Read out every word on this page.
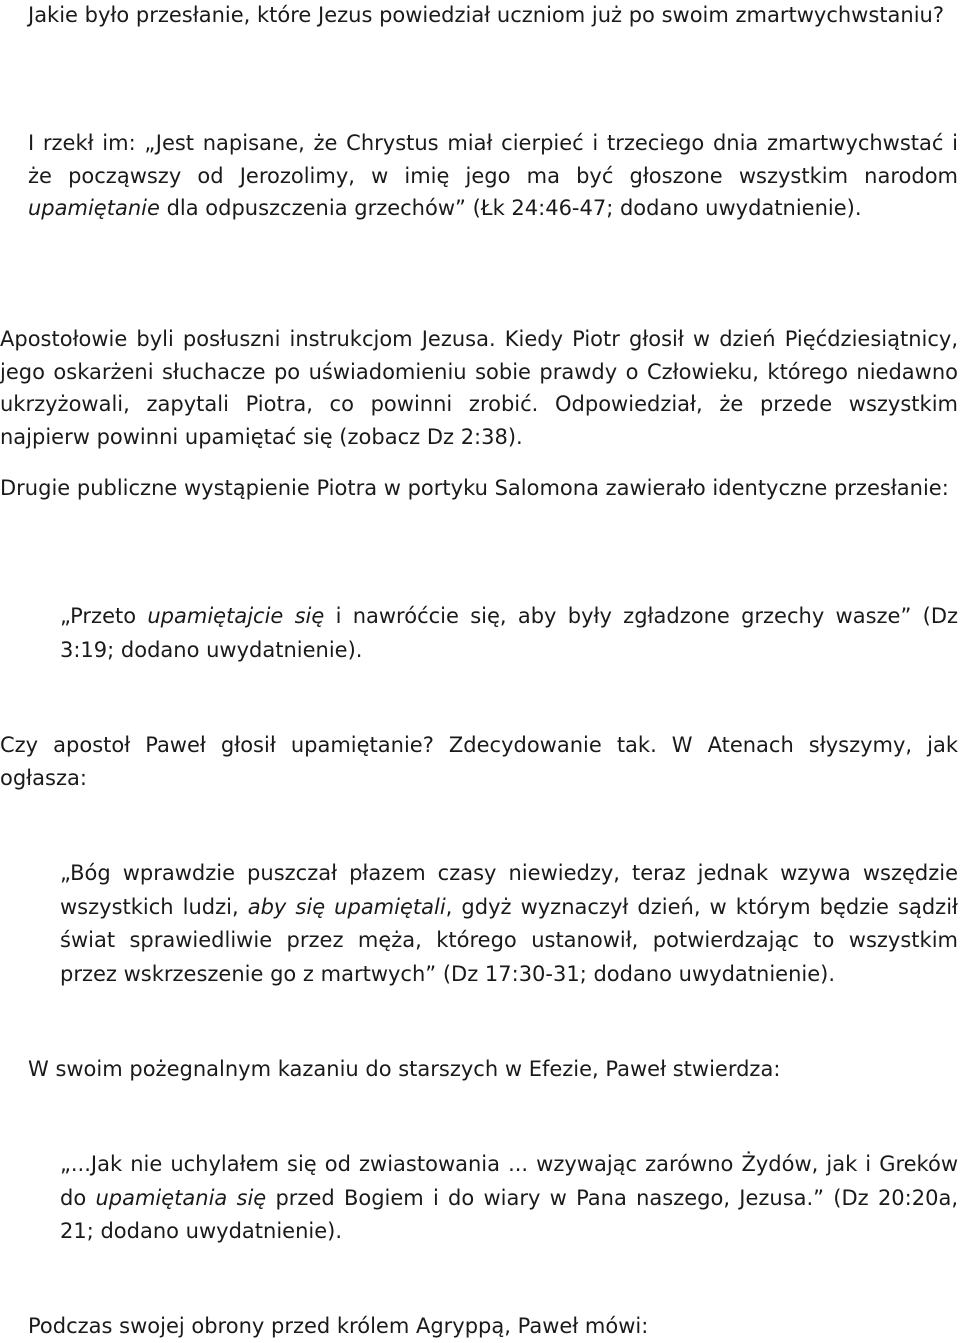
Jakie było przesłanie, które Jezus powiedział uczniom już po swoim zmartwychwstaniu?

I rzekł im: „Jest napisane, że Chrystus miał cierpieć i trzeciego dnia zmartwychwstać i że począwszy od Jerozolimy, w imię jego ma być głoszone wszystkim narodom upamiętanie dla odpuszczenia grzechów” (Łk 24:46-47; dodano uwydatnienie).

Apostołowie byli posłuszni instrukcjom Jezusa. Kiedy Piotr głosił w dzień Pięćdziesiątnicy, jego oskarżeni słuchacze po uświadomieniu sobie prawdy o Człowieku, którego niedawno ukrzyżowali, zapytali Piotra, co powinni zrobić. Odpowiedział, że przede wszystkim najpierw powinni upamiętać się (zobacz Dz 2:38).

Drugie publiczne wystąpienie Piotra w portyku Salomona zawierało identyczne przesłanie:

„Przeto upamiętajcie się i nawróćcie się, aby były zgładzone grzechy wasze” (Dz 3:19; dodano uwydatnienie).

Czy apostoł Paweł głosił upamiętanie? Zdecydowanie tak. W Atenach słyszymy, jak ogłasza:

„Bóg wprawdzie puszczał płazem czasy niewiedzy, teraz jednak wzywa wszędzie wszystkich ludzi, aby się upamiętali, gdyż wyznaczył dzień, w którym będzie sądził świat sprawiedliwie przez męża, którego ustanowił, potwierdzając to wszystkim przez wskrzeszenie go z martwych” (Dz 17:30-31; dodano uwydatnienie).

W swoim pożegnalnym kazaniu do starszych w Efezie, Paweł stwierdza:

„...Jak nie uchylałem się od zwiastowania ... wzywając zarówno Żydów, jak i Greków do upamiętania się przed Bogiem i do wiary w Pana naszego, Jezusa.” (Dz 20:20a, 21; dodano uwydatnienie).

Podczas swojej obrony przed królem Agryppą, Paweł mówi:
